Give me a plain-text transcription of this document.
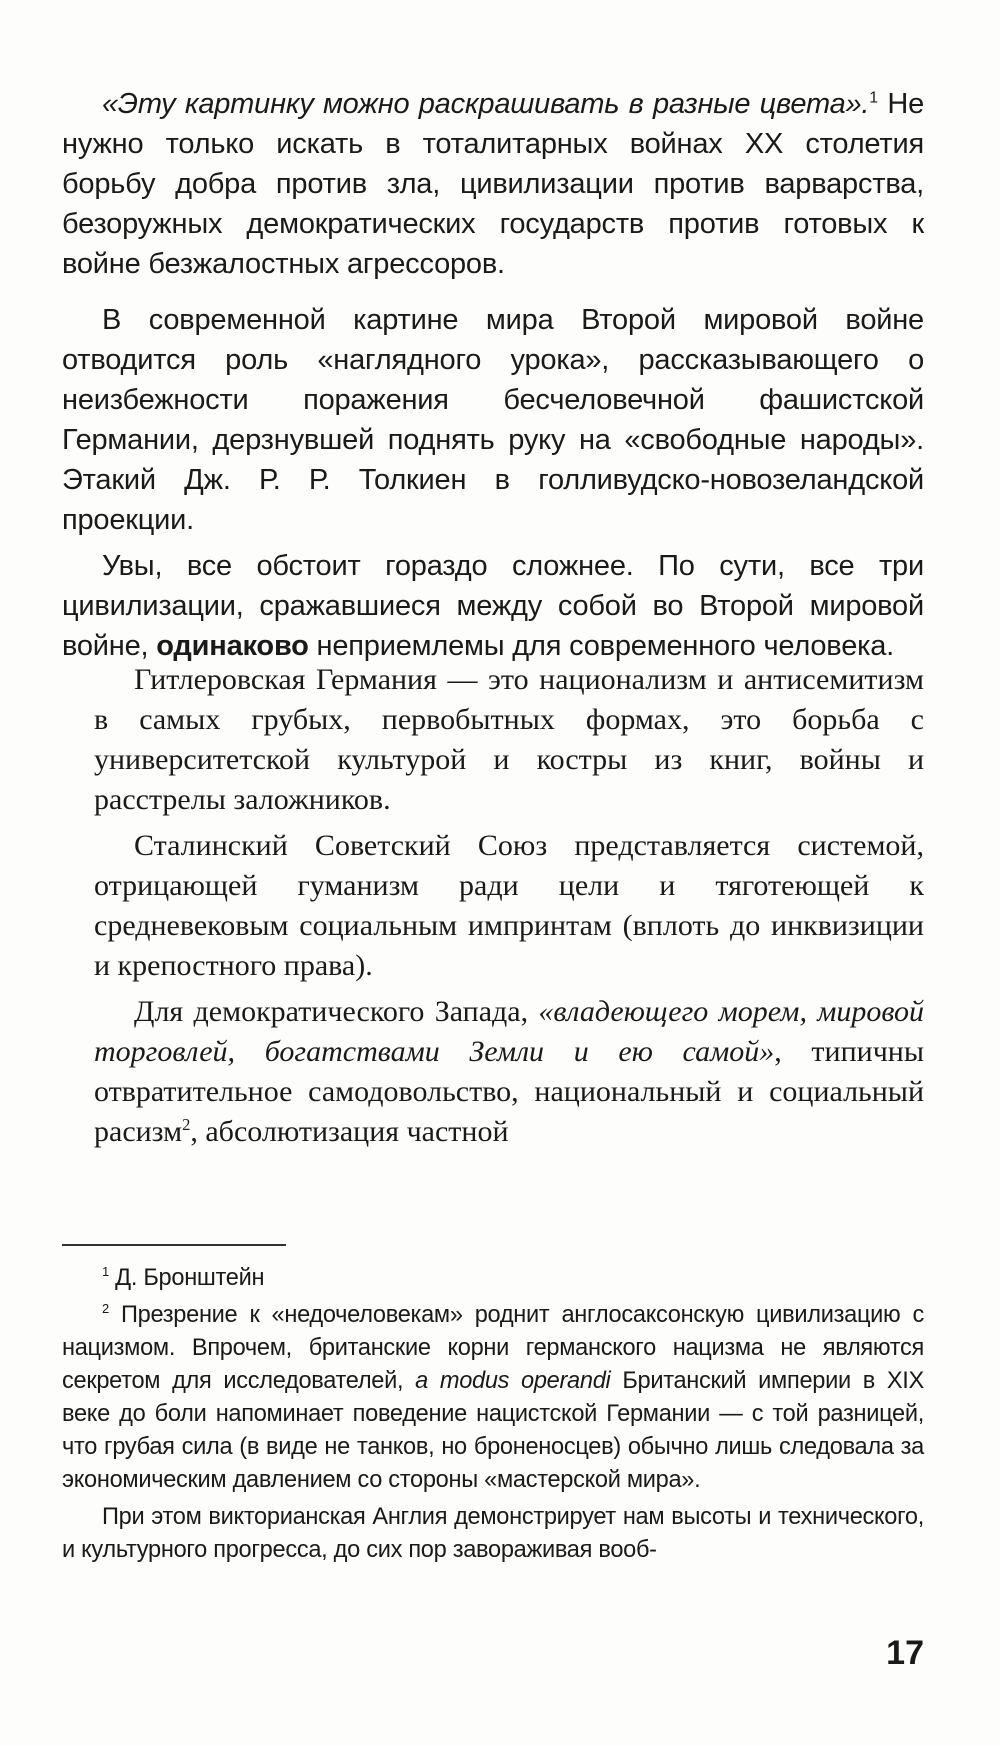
«Эту картинку можно раскрашивать в разные цвета».$^1$ Не нужно только искать в тоталитарных войнах XX столетия борьбу добра против зла, цивилизации против варварства, безоружных демократических государств против готовых к войне безжалостных агрессоров.

В современной картине мира Второй мировой войне отводится роль «наглядного урока», рассказывающего о неизбежности поражения бесчеловечной фашистской Германии, дерзнувшей поднять руку на «свободные народы». Этакий Дж. Р. Р. Толкиен в голливудско-новозеландской проекции.

Увы, все обстоит гораздо сложнее. По сути, все три цивилизации, сражавшиеся между собой во Второй мировой войне, одинаково неприемлемы для современного человека.

Гитлеровская Германия — это национализм и антисемитизм в самых грубых, первобытных формах, это борьба с университетской культурой и костры из книг, войны и расстрелы заложников.

Сталинский Советский Союз представляется системой, отрицающей гуманизм ради цели и тяготеющей к средневековым социальным импринтам (вплоть до инквизиции и крепостного права).

Для демократического Запада, «владеющего морем, мировой торговлей, богатствами Земли и ею самой», типичны отвратительное самодовольство, национальный и социальный расизм$^2$, абсолютизация частной

$^1$ Д. Бронштейн

$^2$ Презрение к «недочеловекам» роднит англосаксонскую цивилизацию с нацизмом. Впрочем, британские корни германского нацизма не являются секретом для исследователей, а modus operandi Британский империи в XIX веке до боли напоминает поведение нацистской Германии — с той разницей, что грубая сила (в виде не танков, но броненосцев) обычно лишь следовала за экономическим давлением со стороны «мастерской мира».

При этом викторианская Англия демонстрирует нам высоты и технического, и культурного прогресса, до сих пор завораживая вооб-

17
